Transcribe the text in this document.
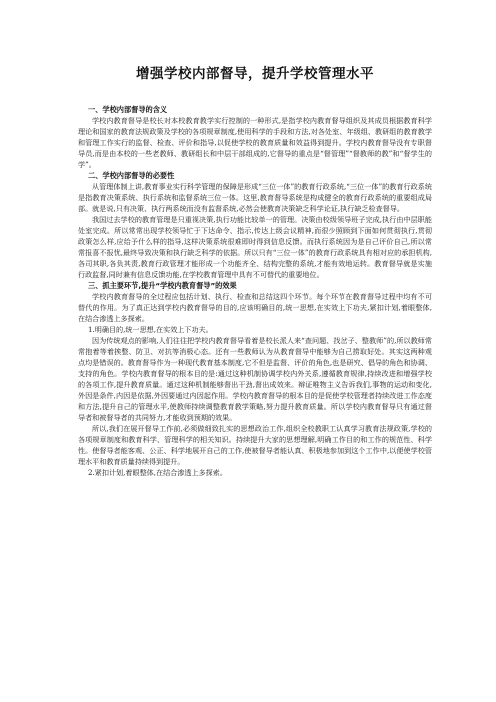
增强学校内部督导，提升学校管理水平
一、学校内部督导的含义

学校内教育督导是校长对本校教育教学实行控制的一种形式,是指学校内教育督导组织及其成员根据教育科学理论和国家的教育法规政策及学校的各项规章制度,使用科学的手段和方法,对各处室、年级组、教研组的教育教学和管理工作实行的监督、检查、评价和指导,以促使学校的教育质量和效益得到提升。学校内教育督导没有专职督导员,而是由本校的一些老教师、教研组长和中层干部组成的,它督导的重点是“督管理”“督教师的教”和“督学生的学”。

二、学校内部督导的必要性

从管理体制上讲,教育事业实行科学管理的保障是形成“三位一体”的教育行政系统,“三位一体”的教育行政系统是指教育决策系统、执行系统和监督系统三位一体。这里,教育督导系统是构成健全的教育行政系统的重要组成局部。就是说,只有决策、执行两系统而没有监督系统,必然会使教育决策缺乏科学论证,执行缺乏检查督导。

我国过去学校的教育管理是只重视决策,执行功能比较单一的管理。决策由校级领导班子完成,执行由中层职能处室完成。所以常常出现学校领导忙于下达命令、指示,传达上级会议精神,而很少照顾到下面如何贯彻执行,贯彻政策怎么样,应给予什么样的指导,这样决策系统很难即时得到信息反馈。而执行系统因为是自己评价自己,所以常常报喜不报忧,最终导致决策和执行缺乏科学的依据。所以只有“三位一体”的教育行政系统具有相对应的承担机构,各司其职,各负其责,教育行政管理才能形成一个功能齐全、结构完整的系统,才能有效地运转。教育督导就是实施行政监督,同时兼有信息反馈功能,在学校教育管理中具有不可替代的重要地位。

三、抓主要环节,提升“学校内教育督导”的效果

学校内教育督导的全过程应包括计划、执行、检查和总结这四个环节。每个环节在教育督导过程中均有不可替代的作用。为了真正达到学校内教育督导的目的,应该明确目的,统一思想,在实效上下功夫,紧扣计划,着眼整体,在结合渗透上多探索。

1.明确目的,统一思想,在实效上下功夫。

因为传统观点的影响,人们往往把学校内教育督导看着是校长派人来“查问题、找岔子、整教师”的,所以教师常常抱着等着挨整、防卫、对抗等消极心态。还有一些教师认为从教育督导中能够为自己捞取好处。其实这两种观点均是错误的。教育督导作为一种现代教育基本制度,它不但是监督、评价的角色,也是研究、倡导的角色和协调、支持的角色。学校内教育督导的根本目的是:通过这种机制协调学校内外关系,遵循教育规律,持续改进和增强学校的各项工作,提升教育质量。通过这种机制能够督出干劲,督出成效来。辩证唯物主义告诉我们,事物的运动和变化,外因是条件,内因是依据,外因要通过内因起作用。学校内教育督导的根本目的是促使学校管理者持续改进工作态度和方法,提升自己的管理水平,使教师持续调整教育教学策略,努力提升教育质量。所以学校内教育督导只有通过督导者和被督导者的共同努力,才能收到预期的效果。

所以,我们在展开督导工作前,必须做细致扎实的思想政治工作,组织全校教职工认真学习教育法规政策,学校的各项规章制度和教育科学、管理科学的相关知识。持续提升大家的思想理解,明确工作目的和工作的规范性、科学性。使督导者能客观、公正、科学地展开自己的工作,使被督导者能认真、积极地参加到这个工作中,以便使学校管理水平和教育质量持续得到提升。

2.紧扣计划,着眼整体,在结合渗透上多探索。
